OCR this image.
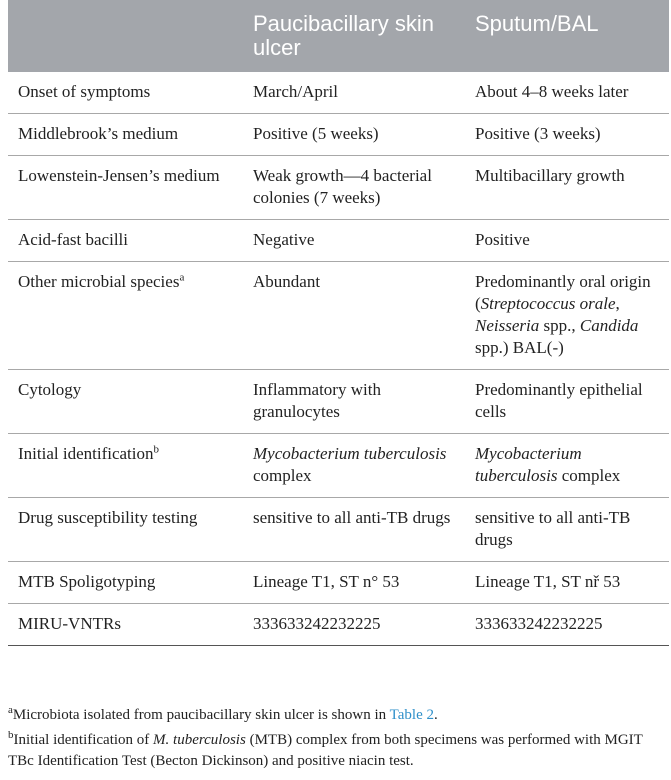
	Paucibacillary skin ulcer	Sputum/BAL
Onset of symptoms	March/April	About 4–8 weeks later
Middlebrook’s medium	Positive (5 weeks)	Positive (3 weeks)
Lowenstein-Jensen’s medium	Weak growth—4 bacterial colonies (7 weeks)	Multibacillary growth
Acid-fast bacilli	Negative	Positive
Other microbial species$^a$	Abundant	Predominantly oral origin (Streptococcus orale, Neisseria spp., Candida spp.) BAL(-)
Cytology	Inflammatory with granulocytes	Predominantly epithelial cells
Initial identification$^b$	Mycobacterium tuberculosis complex	Mycobacterium tuberculosis complex
Drug susceptibility testing	sensitive to all anti-TB drugs	sensitive to all anti-TB drugs
MTB Spoligotyping	Lineage T1, ST n° 53	Lineage T1, ST nř 53
MIRU-VNTRs	333633242232225	333633242232225

$^a$Microbiota isolated from paucibacillary skin ulcer is shown in Table 2.

$^b$Initial identification of M. tuberculosis (MTB) complex from both specimens was performed with MGIT TBc Identification Test (Becton Dickinson) and positive niacin test.
